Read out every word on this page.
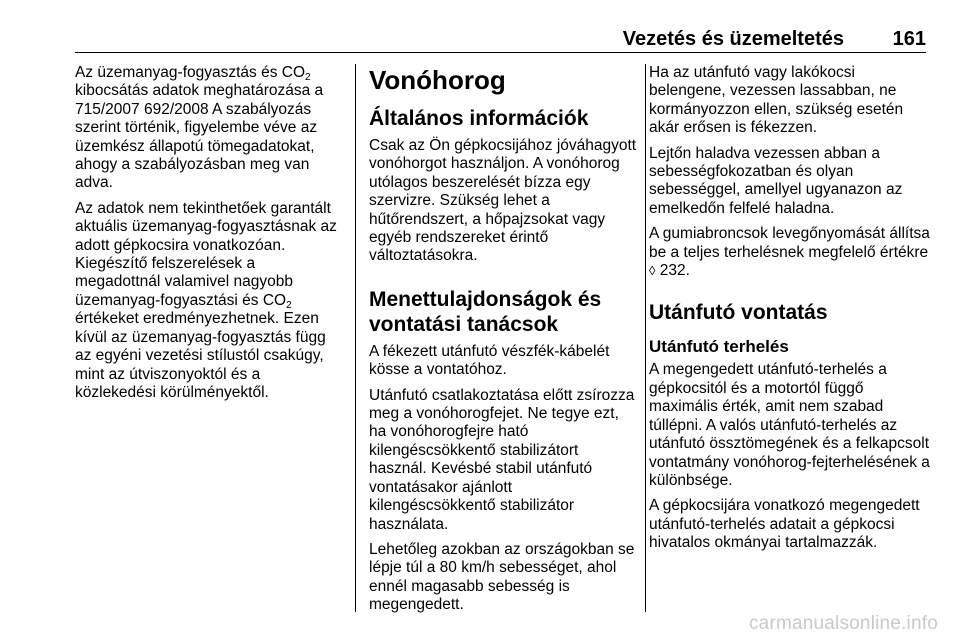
Vezetés és üzemeltetés 161

Az üzemanyag-fogyasztás és $CO_2$
kibocsátás adatok meghatározása a 715/2007 692/2008 A szabályozás szerint történik, figyelembe véve az üzemkész állapotú tömegadatokat, ahogy a szabályozásban meg van adva.

Az adatok nem tekinthetőek garantált aktuális üzemanyag-fogyasztásnak az adott gépkocsira vonatkozóan. Kiegészítő felszerelések a megadottnál valamivel nagyobb üzemanyag-fogyasztási és $CO_2$
értékeket eredményezhetnek. Ezen kívül az üzemanyag-fogyasztás függ az egyéni vezetési stílustól csakúgy, mint az útviszonyoktól és a közlekedési körülményektől.

Vonóhorog
Általános információk

Csak az Ön gépkocsijához jóváhagyott vonóhorgot használjon. A vonóhorog utólagos beszerelését bízza egy szervizre. Szükség lehet a hűtőrendszert, a hőpajzsokat vagy egyéb rendszereket érintő változtatásokra.

Menettulajdonságok és vontatási tanácsok

A fékezett utánfutó vészfék-kábelét kösse a vontatóhoz.

Utánfutó csatlakoztatása előtt zsírozza meg a vonóhorogfejet. Ne tegye ezt, ha vonóhorogfejre ható kilengéscsökkentő stabilizátort használ. Kevésbé stabil utánfutó vontatásakor ajánlott kilengéscsökkentő stabilizátor használata.

Lehetőleg azokban az országokban se lépje túl a 80 km/h sebességet, ahol ennél magasabb sebesség is megengedett.

Ha az utánfutó vagy lakókocsi belengene, vezessen lassabban, ne kormányozzon ellen, szükség esetén akár erősen is fékezzen.

Lejtőn haladva vezessen abban a sebességfokozatban és olyan sebességgel, amellyel ugyanazon az emelkedőn felfelé haladna.

A gumiabroncsok levegőnyomását állítsa be a teljes terhelésnek megfelelő értékre ◊ 232.

Utánfutó vontatás
Utánfutó terhelés

A megengedett utánfutó-terhelés a gépkocsitól és a motortól függő maximális érték, amit nem szabad túllépni. A valós utánfutó-terhelés az utánfutó össztömegének és a felkapcsolt vontatmány vonóhorog-fejterhelésének a különbsége.

A gépkocsijára vonatkozó megengedett utánfutó-terhelés adatait a gépkocsi hivatalos okmányai tartalmazzák.

carmanualsonline.info
